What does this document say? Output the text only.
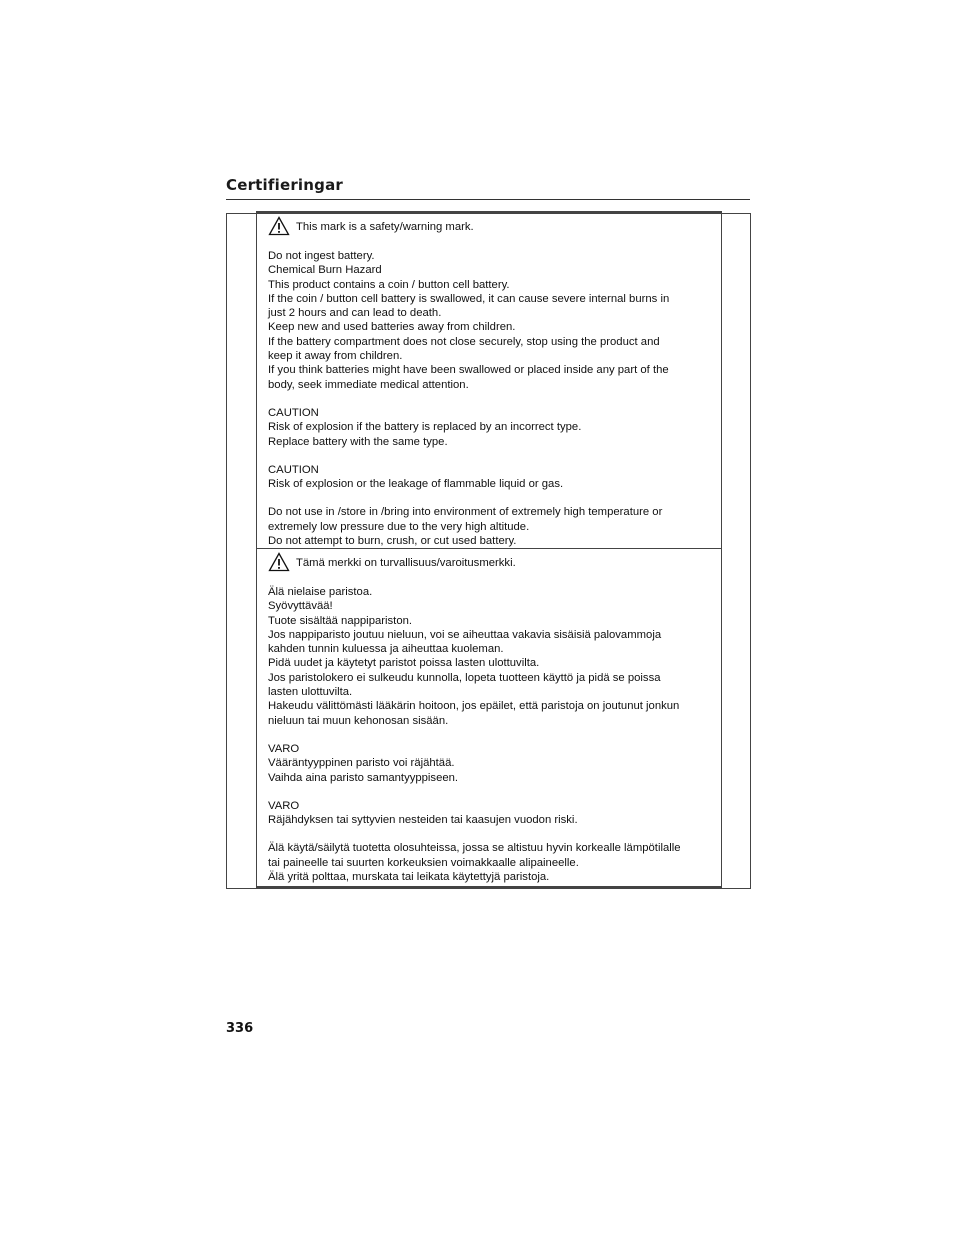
Certifieringar
This mark is a safety/warning mark.

Do not ingest battery.
Chemical Burn Hazard
This product contains a coin / button cell battery.
If the coin / button cell battery is swallowed, it can cause severe internal burns in
just 2 hours and can lead to death.
Keep new and used batteries away from children.
If the battery compartment does not close securely, stop using the product and
keep it away from children.
If you think batteries might have been swallowed or placed inside any part of the
body, seek immediate medical attention.

CAUTION
Risk of explosion if the battery is replaced by an incorrect type.
Replace battery with the same type.

CAUTION
Risk of explosion or the leakage of flammable liquid or gas.

Do not use in /store in /bring into environment of extremely high temperature or
extremely low pressure due to the very high altitude.
Do not attempt to burn, crush, or cut used battery.

Tämä merkki on turvallisuus/varoitusmerkki.

Älä nielaise paristoa.
Syövyttävää!
Tuote sisältää nappipariston.
Jos nappiparisto joutuu nieluun, voi se aiheuttaa vakavia sisäisiä palovammoja
kahden tunnin kuluessa ja aiheuttaa kuoleman.
Pidä uudet ja käytetyt paristot poissa lasten ulottuvilta.
Jos paristolokero ei sulkeudu kunnolla, lopeta tuotteen käyttö ja pidä se poissa
lasten ulottuvilta.
Hakeudu välittömästi lääkärin hoitoon, jos epäilet, että paristoja on joutunut jonkun
nieluun tai muun kehonosan sisään.

VARO
Vääräntyyppinen paristo voi räjähtää.
Vaihda aina paristo samantyyppiseen.

VARO
Räjähdyksen tai syttyvien nesteiden tai kaasujen vuodon riski.

Älä käytä/säilytä tuotetta olosuhteissa, jossa se altistuu hyvin korkealle lämpötilalle
tai paineelle tai suurten korkeuksien voimakkaalle alipaineelle.
Älä yritä polttaa, murskata tai leikata käytettyjä paristoja.

336
